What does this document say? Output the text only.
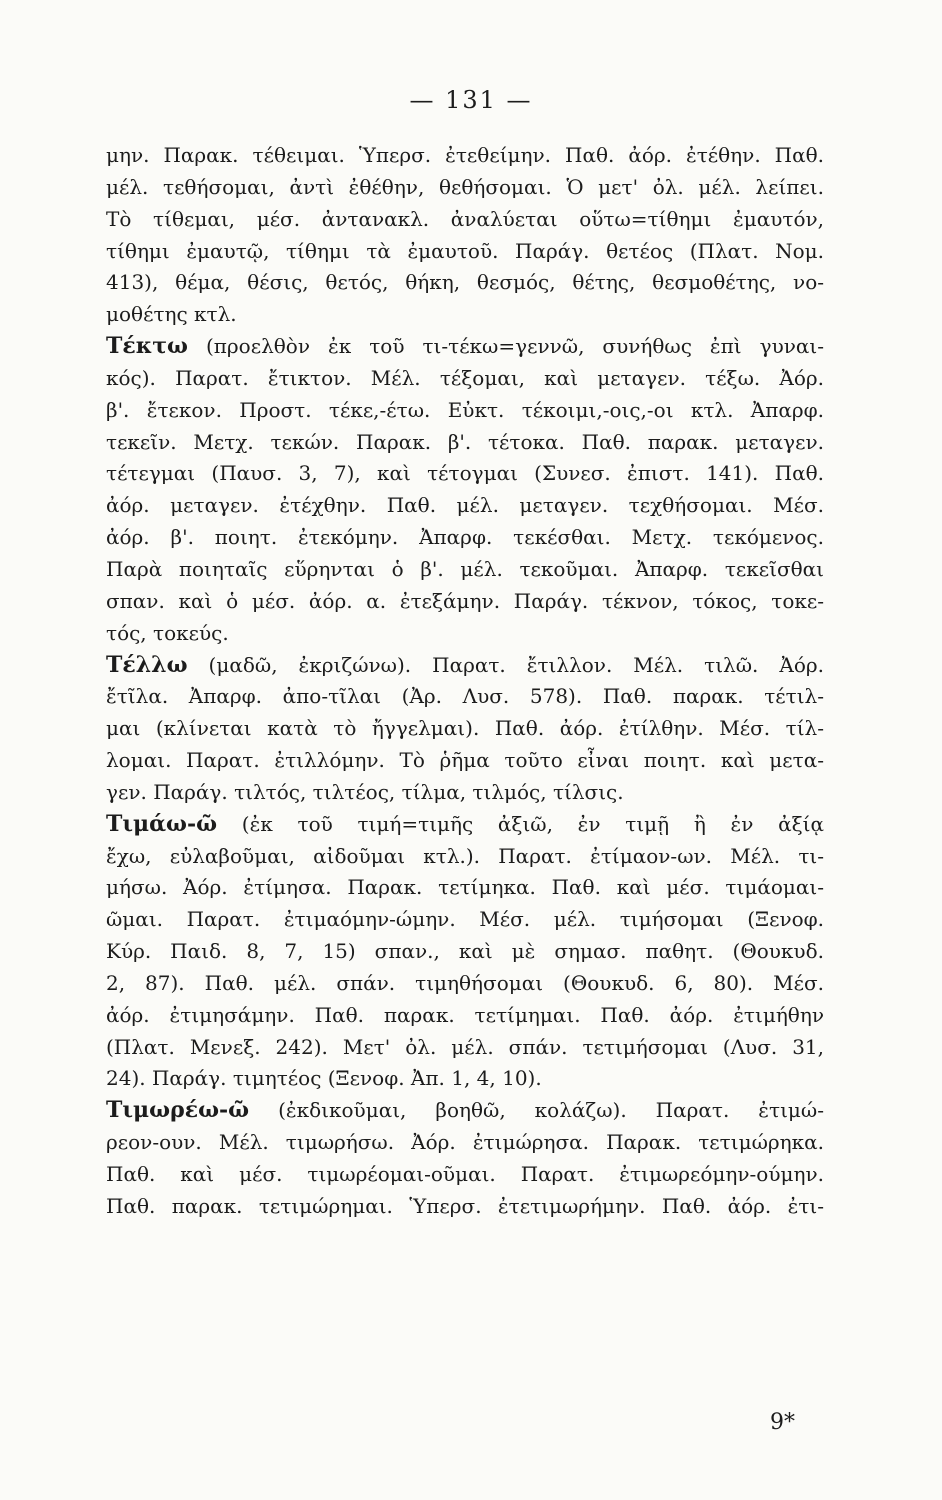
— 131 —
μην. Παρακ. τέθειμαι. Ὑπερσ. ἐτεθείμην. Παθ. ἀόρ. ἐτέθην. Παθ.
μέλ. τεθήσομαι, ἀντὶ ἐθέθην, θεθήσομαι. Ὁ μετ' ὀλ. μέλ. λείπει.
Τὸ τίθεμαι, μέσ. ἀντανακλ. ἀναλύεται οὕτω=τίθημι ἐμαυτόν,
τίθημι ἐμαυτῷ, τίθημι τὰ ἐμαυτοῦ. Παράγ. θετέος (Πλατ. Νομ.
413), θέμα, θέσις, θετός, θήκη, θεσμός, θέτης, θεσμοθέτης, νο-
μοθέτης κτλ.
Τέκτω (προελθὸν ἐκ τοῦ τι-τέκω=γεννῶ, συνήθως ἐπὶ γυναι-
κός). Παρατ. ἔτικτον. Μέλ. τέξομαι, καὶ μεταγεν. τέξω. Ἀόρ.
β'. ἔτεκον. Προστ. τέκε,-έτω. Εὐκτ. τέκοιμι,-οις,-οι κτλ. Ἀπαρφ.
τεκεῖν. Μετχ. τεκών. Παρακ. β'. τέτοκα. Παθ. παρακ. μεταγεν.
τέτεγμαι (Παυσ. 3, 7), καὶ τέτογμαι (Συνεσ. ἐπιστ. 141). Παθ.
ἀόρ. μεταγεν. ἐτέχθην. Παθ. μέλ. μεταγεν. τεχθήσομαι. Μέσ.
ἀόρ. β'. ποιητ. ἐτεκόμην. Ἀπαρφ. τεκέσθαι. Μετχ. τεκόμενος.
Παρὰ ποιηταῖς εὕρηνται ὁ β'. μέλ. τεκοῦμαι. Ἀπαρφ. τεκεῖσθαι
σπαν. καὶ ὁ μέσ. ἀόρ. α. ἐτεξάμην. Παράγ. τέκνον, τόκος, τοκε-
τός, τοκεύς.
Τέλλω (μαδῶ, ἐκριζώνω). Παρατ. ἔτιλλον. Μέλ. τιλῶ. Ἀόρ.
ἔτῖλα. Ἀπαρφ. ἀπο-τῖλαι (Ἀρ. Λυσ. 578). Παθ. παρακ. τέτιλ-
μαι (κλίνεται κατὰ τὸ ἤγγελμαι). Παθ. ἀόρ. ἐτίλθην. Μέσ. τίλ-
λομαι. Παρατ. ἐτιλλόμην. Τὸ ῥῆμα τοῦτο εἶναι ποιητ. καὶ μετα-
γεν. Παράγ. τιλτός, τιλτέος, τίλμα, τιλμός, τίλσις.
Τιμάω-ῶ (ἐκ τοῦ τιμή=τιμῆς ἀξιῶ, ἐν τιμῇ ἢ ἐν ἀξίᾳ
ἔχω, εὐλαβοῦμαι, αἰδοῦμαι κτλ.). Παρατ. ἐτίμαον-ων. Μέλ. τι-
μήσω. Ἀόρ. ἐτίμησα. Παρακ. τετίμηκα. Παθ. καὶ μέσ. τιμάομαι-
ῶμαι. Παρατ. ἐτιμαόμην-ώμην. Μέσ. μέλ. τιμήσομαι (Ξενοφ.
Κύρ. Παιδ. 8, 7, 15) σπαν., καὶ μὲ σημασ. παθητ. (Θουκυδ.
2, 87). Παθ. μέλ. σπάν. τιμηθήσομαι (Θουκυδ. 6, 80). Μέσ.
ἀόρ. ἐτιμησάμην. Παθ. παρακ. τετίμημαι. Παθ. ἀόρ. ἐτιμήθην
(Πλατ. Μενεξ. 242). Μετ' ὀλ. μέλ. σπάν. τετιμήσομαι (Λυσ. 31,
24). Παράγ. τιμητέος (Ξενοφ. Ἀπ. 1, 4, 10).
Τιμωρέω-ῶ (ἐκδικοῦμαι, βοηθῶ, κολάζω). Παρατ. ἐτιμώ-
ρεον-ουν. Μέλ. τιμωρήσω. Ἀόρ. ἐτιμώρησα. Παρακ. τετιμώρηκα.
Παθ. καὶ μέσ. τιμωρέομαι-οῦμαι. Παρατ. ἐτιμωρεόμην-ούμην.
Παθ. παρακ. τετιμώρημαι. Ὑπερσ. ἐτετιμωρήμην. Παθ. ἀόρ. ἐτι-
9*
